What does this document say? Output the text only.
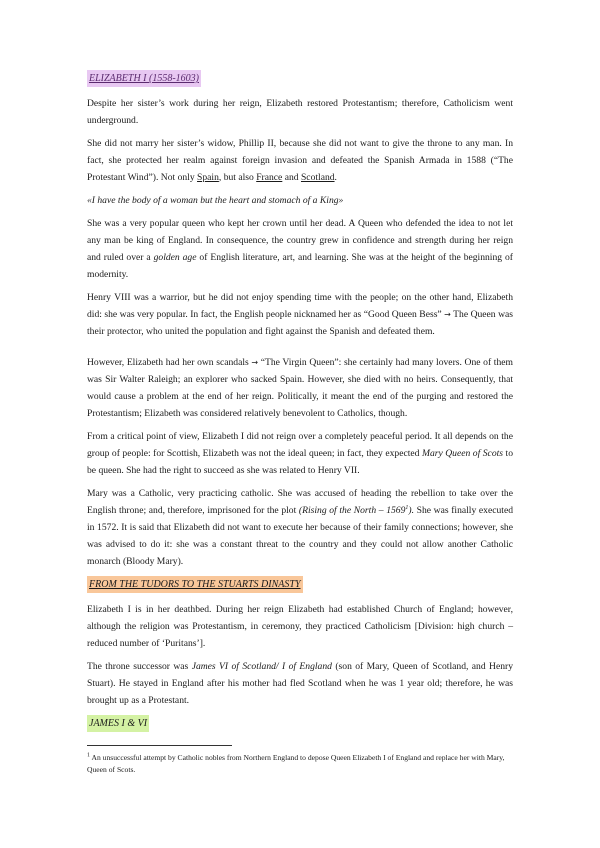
ELIZABETH I (1558-1603)

Despite her sister’s work during her reign, Elizabeth restored Protestantism; therefore, Catholicism went underground.

She did not marry her sister’s widow, Phillip II, because she did not want to give the throne to any man. In fact, she protected her realm against foreign invasion and defeated the Spanish Armada in 1588 (“The Protestant Wind”). Not only Spain, but also France and Scotland.

«I have the body of a woman but the heart and stomach of a King»

She was a very popular queen who kept her crown until her dead. A Queen who defended the idea to not let any man be king of England. In consequence, the country grew in confidence and strength during her reign and ruled over a golden age of English literature, art, and learning. She was at the height of the beginning of modernity.

Henry VIII was a warrior, but he did not enjoy spending time with the people; on the other hand, Elizabeth did: she was very popular. In fact, the English people nicknamed her as “Good Queen Bess” → The Queen was their protector, who united the population and fight against the Spanish and defeated them.

However, Elizabeth had her own scandals → “The Virgin Queen”: she certainly had many lovers. One of them was Sir Walter Raleigh; an explorer who sacked Spain. However, she died with no heirs. Consequently, that would cause a problem at the end of her reign. Politically, it meant the end of the purging and restored the Protestantism; Elizabeth was considered relatively benevolent to Catholics, though.

From a critical point of view, Elizabeth I did not reign over a completely peaceful period. It all depends on the group of people: for Scottish, Elizabeth was not the ideal queen; in fact, they expected Mary Queen of Scots to be queen. She had the right to succeed as she was related to Henry VII.

Mary was a Catholic, very practicing catholic. She was accused of heading the rebellion to take over the English throne; and, therefore, imprisoned for the plot (Rising of the North – 1569$^1$). She was finally executed in 1572. It is said that Elizabeth did not want to execute her because of their family connections; however, she was advised to do it: she was a constant threat to the country and they could not allow another Catholic monarch (Bloody Mary).

FROM THE TUDORS TO THE STUARTS DINASTY

Elizabeth I is in her deathbed. During her reign Elizabeth had established Church of England; however, although the religion was Protestantism, in ceremony, they practiced Catholicism [Division: high church – reduced number of ‘Puritans’].

The throne successor was James VI of Scotland/ I of England (son of Mary, Queen of Scotland, and Henry Stuart). He stayed in England after his mother had fled Scotland when he was 1 year old; therefore, he was brought up as a Protestant.

JAMES I & VI
$^1$ An unsuccessful attempt by Catholic nobles from Northern England to depose Queen Elizabeth I of England and replace her with Mary, Queen of Scots.
